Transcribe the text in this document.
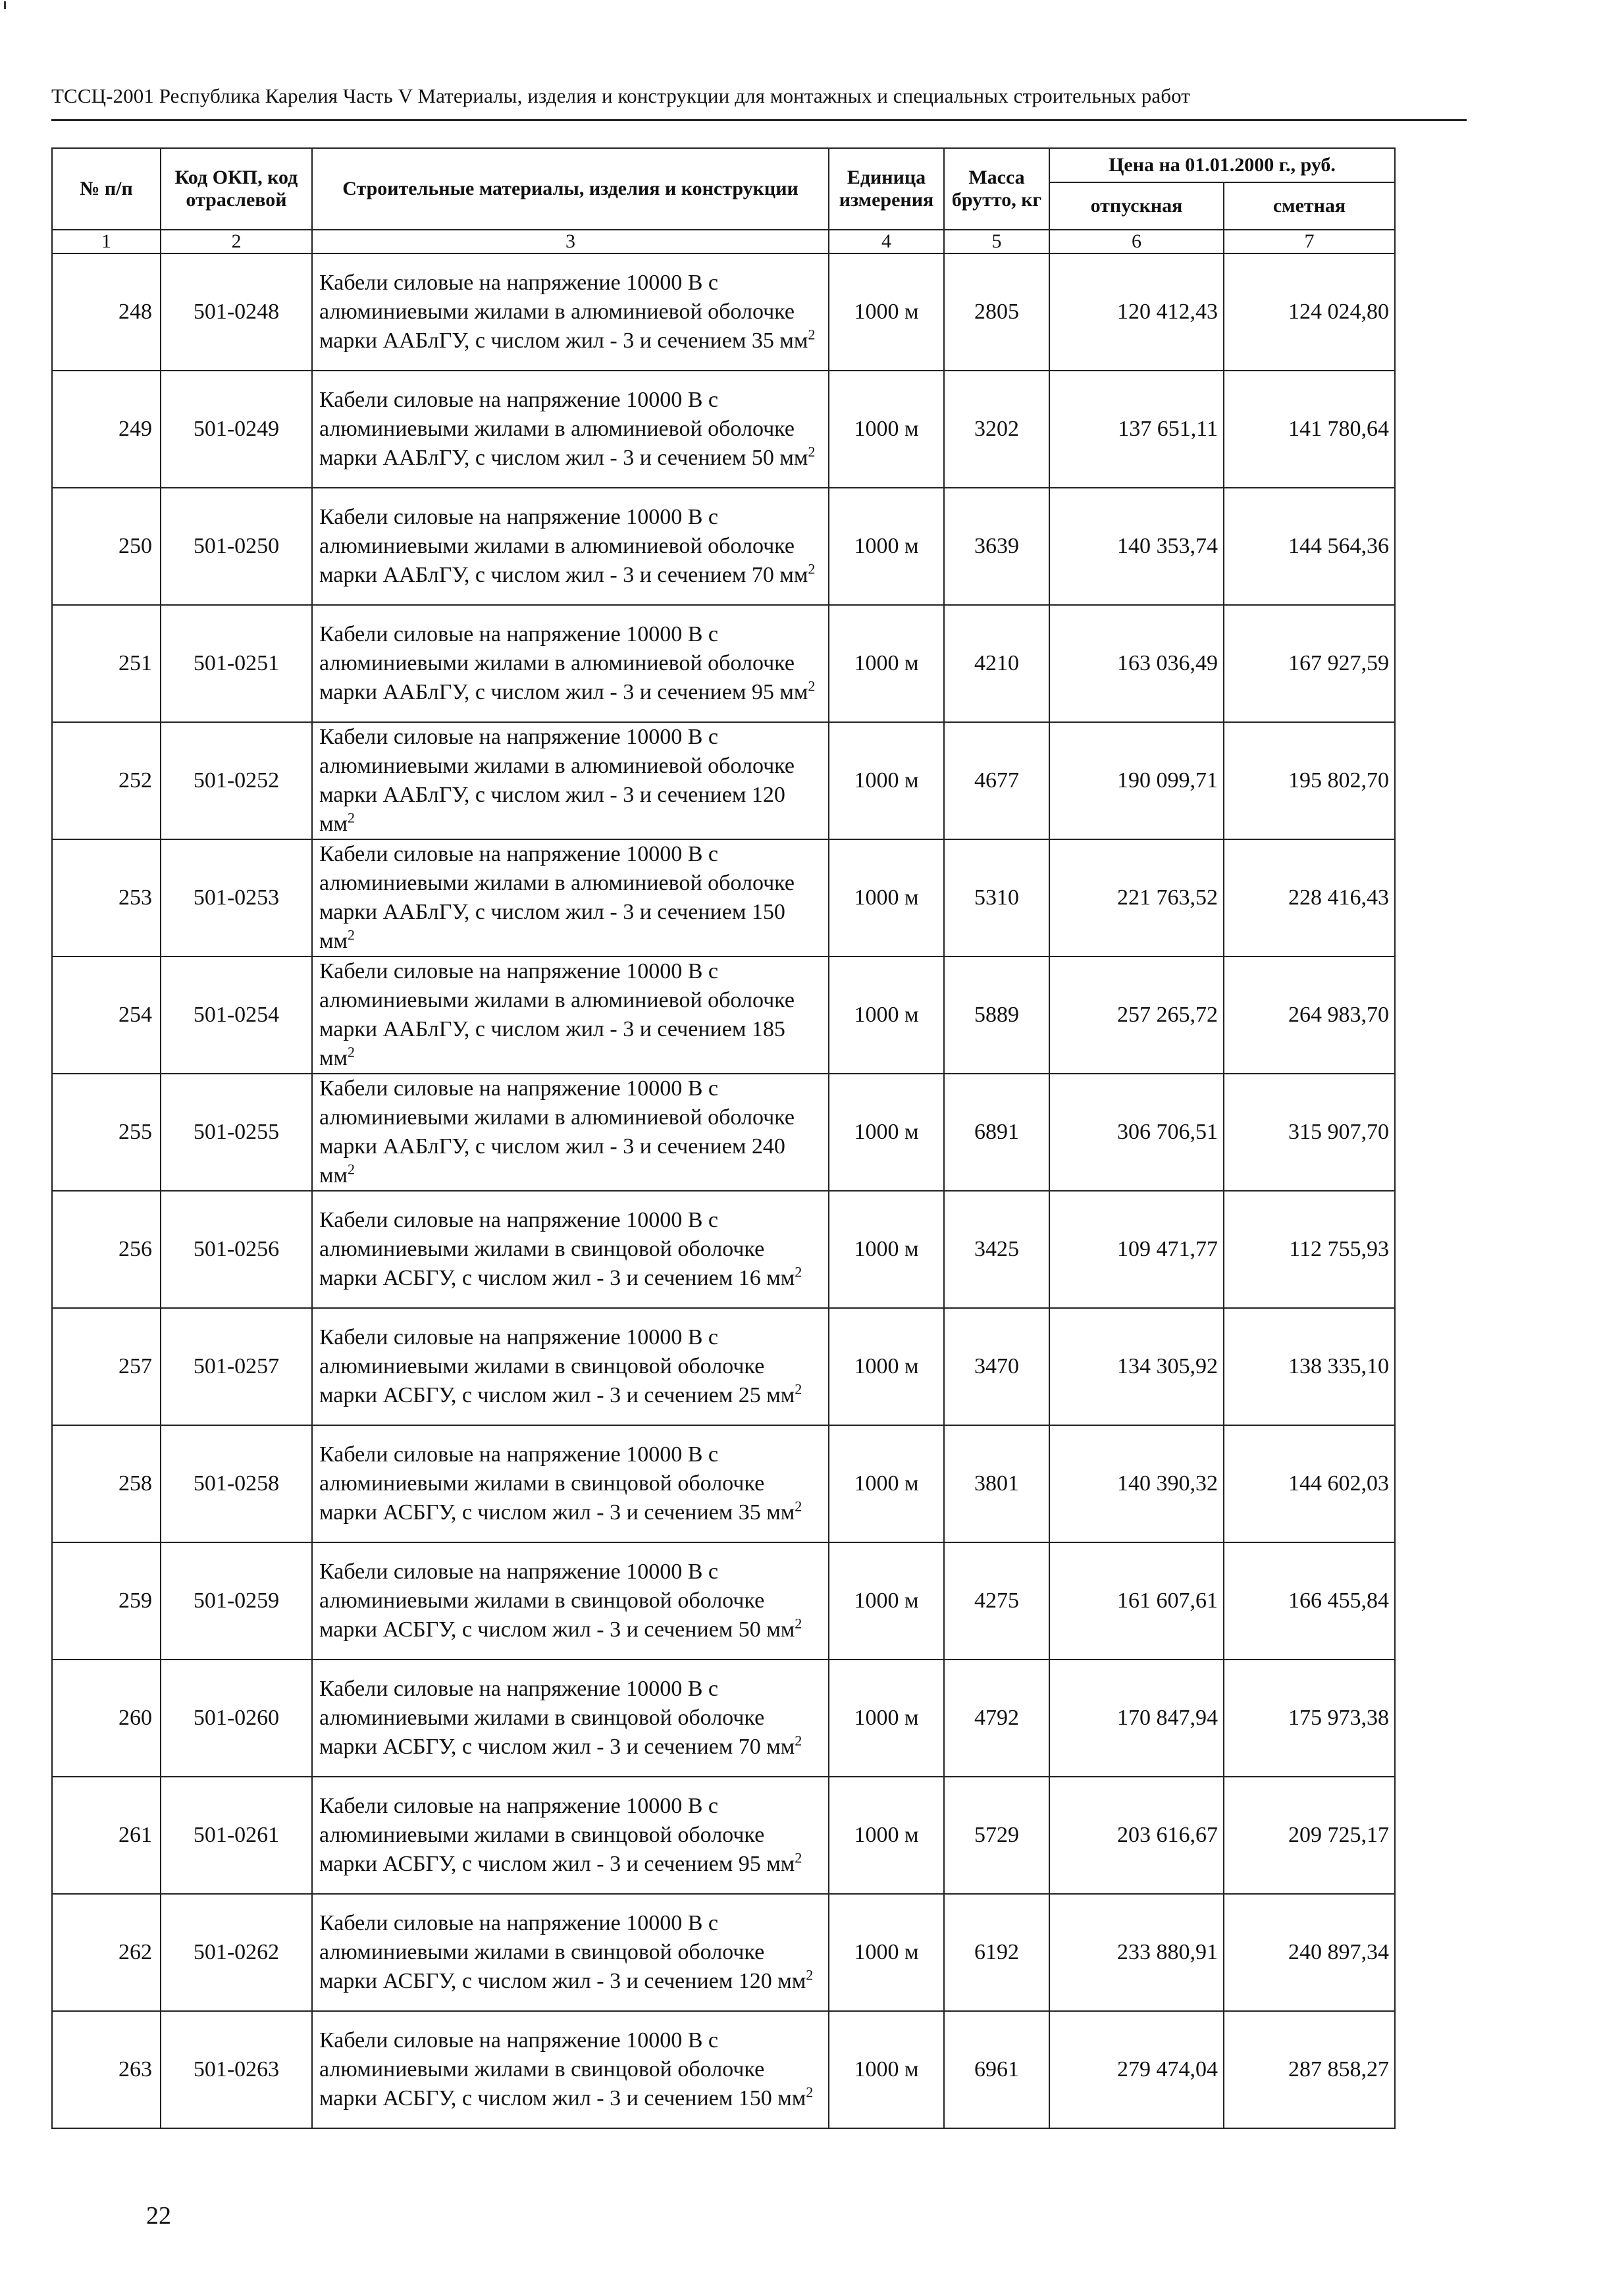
ТССЦ-2001 Республика Карелия Часть V Материалы, изделия и конструкции для монтажных и специальных строительных работ
№ п/п	Код ОКП, код отраслевой	Строительные материалы, изделия и конструкции	Единица измерения	Масса брутто, кг	Цена на 01.01.2000 г., руб.	
					отпускная	сметная
1	2	3	4	5	6	7
248	501-0248	Кабели силовые на напряжение 10000 В с алюминиевыми жилами в алюминиевой оболочке марки ААБлГУ, с числом жил - 3 и сечением 35 $мм^2$	1000 м	2805	120 412,43	124 024,80
249	501-0249	Кабели силовые на напряжение 10000 В с алюминиевыми жилами в алюминиевой оболочке марки ААБлГУ, с числом жил - 3 и сечением 50 $мм^2$	1000 м	3202	137 651,11	141 780,64
250	501-0250	Кабели силовые на напряжение 10000 В с алюминиевыми жилами в алюминиевой оболочке марки ААБлГУ, с числом жил - 3 и сечением 70 $мм^2$	1000 м	3639	140 353,74	144 564,36
251	501-0251	Кабели силовые на напряжение 10000 В с алюминиевыми жилами в алюминиевой оболочке марки ААБлГУ, с числом жил - 3 и сечением 95 $мм^2$	1000 м	4210	163 036,49	167 927,59
252	501-0252	Кабели силовые на напряжение 10000 В с алюминиевыми жилами в алюминиевой оболочке марки ААБлГУ, с числом жил - 3 и сечением 120 $мм^2$	1000 м	4677	190 099,71	195 802,70
253	501-0253	Кабели силовые на напряжение 10000 В с алюминиевыми жилами в алюминиевой оболочке марки ААБлГУ, с числом жил - 3 и сечением 150 $мм^2$	1000 м	5310	221 763,52	228 416,43
254	501-0254	Кабели силовые на напряжение 10000 В с алюминиевыми жилами в алюминиевой оболочке марки ААБлГУ, с числом жил - 3 и сечением 185 $мм^2$	1000 м	5889	257 265,72	264 983,70
255	501-0255	Кабели силовые на напряжение 10000 В с алюминиевыми жилами в алюминиевой оболочке марки ААБлГУ, с числом жил - 3 и сечением 240 $мм^2$	1000 м	6891	306 706,51	315 907,70
256	501-0256	Кабели силовые на напряжение 10000 В с алюминиевыми жилами в свинцовой оболочке марки АСБГУ, с числом жил - 3 и сечением 16 $мм^2$	1000 м	3425	109 471,77	112 755,93
257	501-0257	Кабели силовые на напряжение 10000 В с алюминиевыми жилами в свинцовой оболочке марки АСБГУ, с числом жил - 3 и сечением 25 $мм^2$	1000 м	3470	134 305,92	138 335,10
258	501-0258	Кабели силовые на напряжение 10000 В с алюминиевыми жилами в свинцовой оболочке марки АСБГУ, с числом жил - 3 и сечением 35 $мм^2$	1000 м	3801	140 390,32	144 602,03
259	501-0259	Кабели силовые на напряжение 10000 В с алюминиевыми жилами в свинцовой оболочке марки АСБГУ, с числом жил - 3 и сечением 50 $мм^2$	1000 м	4275	161 607,61	166 455,84
260	501-0260	Кабели силовые на напряжение 10000 В с алюминиевыми жилами в свинцовой оболочке марки АСБГУ, с числом жил - 3 и сечением 70 $мм^2$	1000 м	4792	170 847,94	175 973,38
261	501-0261	Кабели силовые на напряжение 10000 В с алюминиевыми жилами в свинцовой оболочке марки АСБГУ, с числом жил - 3 и сечением 95 $мм^2$	1000 м	5729	203 616,67	209 725,17
262	501-0262	Кабели силовые на напряжение 10000 В с алюминиевыми жилами в свинцовой оболочке марки АСБГУ, с числом жил - 3 и сечением 120 $мм^2$	1000 м	6192	233 880,91	240 897,34
263	501-0263	Кабели силовые на напряжение 10000 В с алюминиевыми жилами в свинцовой оболочке марки АСБГУ, с числом жил - 3 и сечением 150 $мм^2$	1000 м	6961	279 474,04	287 858,27
22
